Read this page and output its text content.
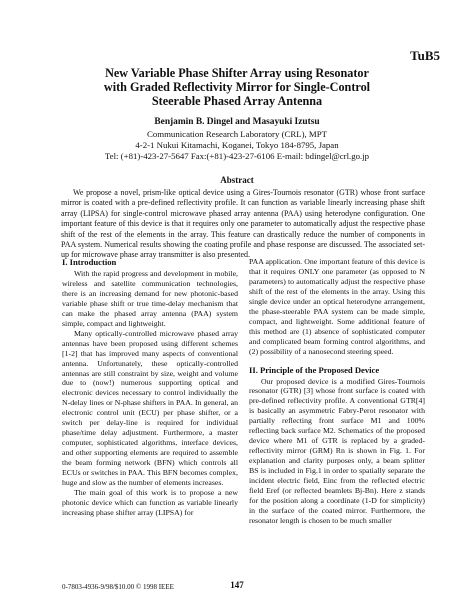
TuB5
New Variable Phase Shifter Array using Resonator
with Graded Reflectivity Mirror for Single-Control
Steerable Phased Array Antenna
Benjamin B. Dingel and Masayuki Izutsu
Communication Research Laboratory (CRL), MPT
4-2-1 Nukui Kitamachi, Koganei, Tokyo 184-8795, Japan
Tel: (+81)-423-27-5647 Fax:(+81)-423-27-6106 E-mail: bdingel@crl.go.jp
Abstract
We propose a novel, prism-like optical device using a Gires-Tournois resonator (GTR) whose front surface mirror is coated with a pre-defined reflectivity profile. It can function as variable linearly increasing phase shift array (LIPSA) for single-control microwave phased array antenna (PAA) using heterodyne configuration. One important feature of this device is that it requires only one parameter to automatically adjust the respective phase shift of the rest of the elements in the array. This feature can drastically reduce the number of components in PAA system. Numerical results showing the coating profile and phase response are discussed. The associated set-up for microwave phase array transmitter is also presented.
I. Introduction

With the rapid progress and development in mobile, wireless and satellite communication technologies, there is an increasing demand for new photonic-based variable phase shift or true time-delay mechanism that can make the phased array antenna (PAA) system simple, compact and lightweight.

Many optically-controlled microwave phased array antennas have been proposed using different schemes [1-2] that has improved many aspects of conventional antenna. Unfortunately, these optically-controlled antennas are still constraint by size, weight and volume due to (now!) numerous supporting optical and electronic devices necessary to control individually the N-delay lines or N-phase shifters in PAA. In general, an electronic control unit (ECU) per phase shifter, or a switch per delay-line is required for individual phase/time delay adjustment. Furthermore, a master computer, sophisticated algorithms, interface devices, and other supporting elements are required to assemble the beam forming network (BFN) which controls all ECUs or switches in PAA. This BFN becomes complex, huge and slow as the number of elements increases.

The main goal of this work is to propose a new photonic device which can function as variable linearly increasing phase shifter array (LIPSA) for

PAA application. One important feature of this device is that it requires ONLY one parameter (as opposed to N parameters) to automatically adjust the respective phase shift of the rest of the elements in the array. Using this single device under an optical heterodyne arrangement, the phase-steerable PAA system can be made simple, compact, and lightweight. Some additional feature of this method are (1) absence of sophisticated computer and complicated beam forming control algorithms, and (2) possibility of a nanosecond steering speed.

II. Principle of the Proposed Device

Our proposed device is a modified Gires-Tournois resonator (GTR) [3] whose front surface is coated with pre-defined reflectivity profile. A conventional GTR[4] is basically an asymmetric Fabry-Perot resonator with partially reflecting front surface M1 and 100% reflecting back surface M2. Schematics of the proposed device where M1 of GTR is replaced by a graded-reflectivity mirror (GRM) Rn is shown in Fig. 1. For explanation and clarity purposes only, a beam splitter BS is included in Fig.1 in order to spatially separate the incident electric field, Einc from the reflected electric field Eref (or reflected beamlets Bj-Bn). Here z stands for the position along a coordinate (1-D for simplicity) in the surface of the coated mirror. Furthermore, the resonator length is chosen to be much smaller

0-7803-4936-9/98/$10.00 © 1998 IEEE	147
